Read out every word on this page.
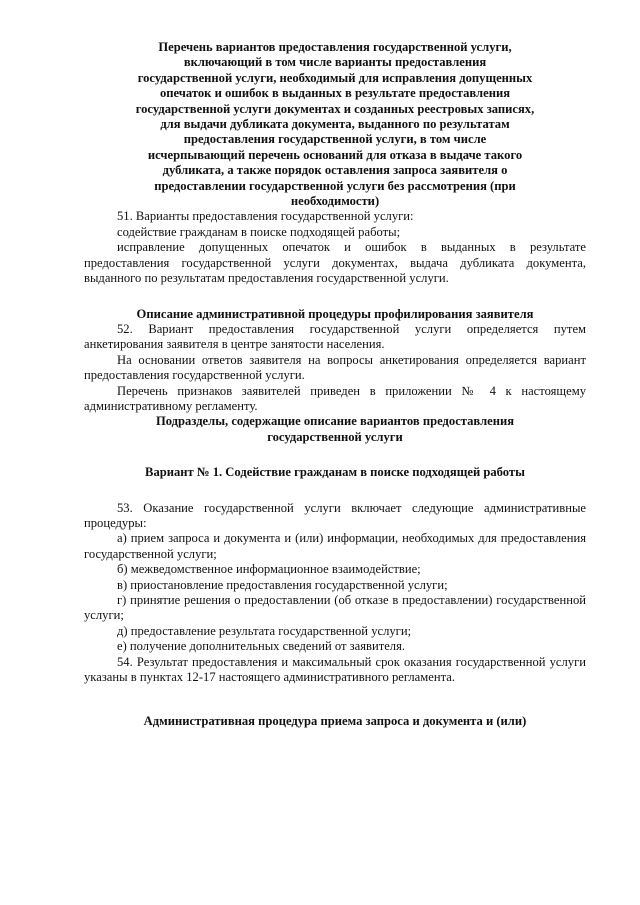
Перечень вариантов предоставления государственной услуги,

включающий в том числе варианты предоставления

государственной услуги, необходимый для исправления допущенных

опечаток и ошибок в выданных в результате предоставления

государственной услуги документах и созданных реестровых записях,

для выдачи дубликата документа, выданного по результатам

предоставления государственной услуги, в том числе

исчерпывающий перечень оснований для отказа в выдаче такого

дубликата, а также порядок оставления запроса заявителя о

предоставлении государственной услуги без рассмотрения (при

необходимости)

51. Варианты предоставления государственной услуги:

содействие гражданам в поиске подходящей работы;

исправление допущенных опечаток и ошибок в выданных в результате предоставления государственной услуги документах, выдача дубликата документа, выданного по результатам предоставления государственной услуги.

Описание административной процедуры профилирования заявителя

52. Вариант предоставления государственной услуги определяется путем анкетирования заявителя в центре занятости населения.

На основании ответов заявителя на вопросы анкетирования определяется вариант предоставления государственной услуги.

Перечень признаков заявителей приведен в приложении № 4 к настоящему административному регламенту.

Подразделы, содержащие описание вариантов предоставления

государственной услуги

Вариант № 1. Содействие гражданам в поиске подходящей работы

53. Оказание государственной услуги включает следующие административные процедуры:

а) прием запроса и документа и (или) информации, необходимых для предоставления государственной услуги;

б) межведомственное информационное взаимодействие;

в) приостановление предоставления государственной услуги;

г) принятие решения о предоставлении (об отказе в предоставлении) государственной услуги;

д) предоставление результата государственной услуги;

е) получение дополнительных сведений от заявителя.

54. Результат предоставления и максимальный срок оказания государственной услуги указаны в пунктах 12-17 настоящего административного регламента.

Административная процедура приема запроса и документа и (или)
